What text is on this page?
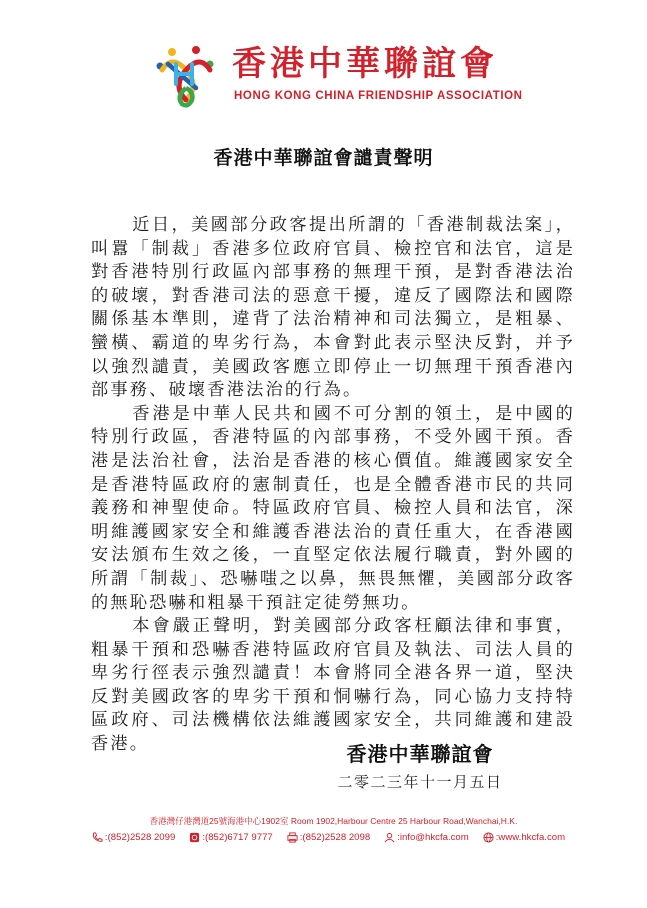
香港中華聯誼會
HONG KONG CHINA FRIENDSHIP ASSOCIATION
香港中華聯誼會譴責聲明

近日，美國部分政客提出所謂的「香港制裁法案」，叫囂「制裁」香港多位政府官員、檢控官和法官，這是對香港特別行政區內部事務的無理干預，是對香港法治的破壞，對香港司法的惡意干擾，違反了國際法和國際關係基本準則，違背了法治精神和司法獨立，是粗暴、蠻橫、霸道的卑劣行為，本會對此表示堅決反對，并予以強烈譴責，美國政客應立即停止一切無理干預香港內部事務、破壞香港法治的行為。

香港是中華人民共和國不可分割的領土，是中國的特別行政區，香港特區的內部事務，不受外國干預。香港是法治社會，法治是香港的核心價值。維護國家安全是香港特區政府的憲制責任，也是全體香港市民的共同義務和神聖使命。特區政府官員、檢控人員和法官，深明維護國家安全和維護香港法治的責任重大，在香港國安法頒布生效之後，一直堅定依法履行職責，對外國的所謂「制裁」、恐嚇嗤之以鼻，無畏無懼，美國部分政客的無恥恐嚇和粗暴干預註定徒勞無功。

本會嚴正聲明，對美國部分政客枉顧法律和事實，粗暴干預和恐嚇香港特區政府官員及執法、司法人員的卑劣行徑表示強烈譴責！本會將同全港各界一道，堅決反對美國政客的卑劣干預和恫嚇行為，同心協力支持特區政府、司法機構依法維護國家安全，共同維護和建設香港。	香港中華聯誼會
二零二三年十一月五日
香港灣仔港灣道25號海港中心1902室 Room 1902,Harbour Centre 25 Harbour Road,Wanchai,H.K.
:(852)2528 2099	:(852)6717 9777	:(852)2528 2098	:info@hkcfa.com	:www.hkcfa.com
